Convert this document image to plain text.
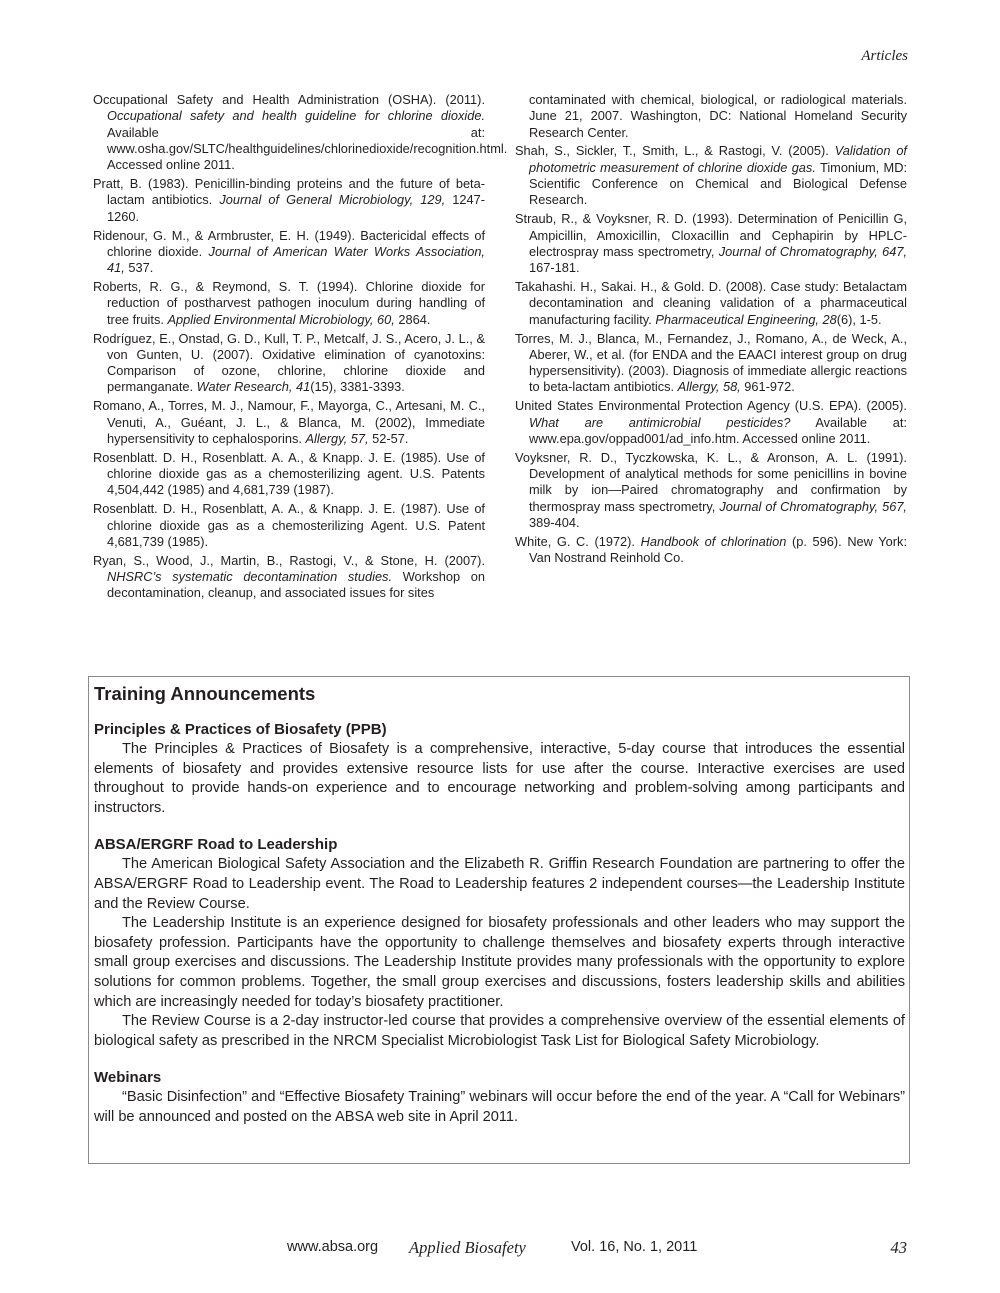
Articles

Occupational Safety and Health Administration (OSHA). (2011). Occupational safety and health guideline for chlorine dioxide. Available at: www.osha.gov/SLTC/healthguidelines/chlorinedioxide/recognition.html. Accessed online 2011.

Pratt, B. (1983). Penicillin-binding proteins and the future of beta-lactam antibiotics. Journal of General Microbiology, 129, 1247-1260.

Ridenour, G. M., & Armbruster, E. H. (1949). Bactericidal effects of chlorine dioxide. Journal of American Water Works Association, 41, 537.

Roberts, R. G., & Reymond, S. T. (1994). Chlorine dioxide for reduction of postharvest pathogen inoculum during handling of tree fruits. Applied Environmental Microbiology, 60, 2864.

Rodríguez, E., Onstad, G. D., Kull, T. P., Metcalf, J. S., Acero, J. L., & von Gunten, U. (2007). Oxidative elimination of cyanotoxins: Comparison of ozone, chlorine, chlorine dioxide and permanganate. Water Research, 41(15), 3381-3393.

Romano, A., Torres, M. J., Namour, F., Mayorga, C., Artesani, M. C., Venuti, A., Guéant, J. L., & Blanca, M. (2002), Immediate hypersensitivity to cephalosporins. Allergy, 57, 52-57.

Rosenblatt. D. H., Rosenblatt. A. A., & Knapp. J. E. (1985). Use of chlorine dioxide gas as a chemosterilizing agent. U.S. Patents 4,504,442 (1985) and 4,681,739 (1987).

Rosenblatt. D. H., Rosenblatt, A. A., & Knapp. J. E. (1987). Use of chlorine dioxide gas as a chemosterilizing Agent. U.S. Patent 4,681,739 (1985).

Ryan, S., Wood, J., Martin, B., Rastogi, V., & Stone, H. (2007). NHSRC’s systematic decontamination studies. Workshop on decontamination, cleanup, and associated issues for sites

contaminated with chemical, biological, or radiological materials. June 21, 2007. Washington, DC: National Homeland Security Research Center.

Shah, S., Sickler, T., Smith, L., & Rastogi, V. (2005). Validation of photometric measurement of chlorine dioxide gas. Timonium, MD: Scientific Conference on Chemical and Biological Defense Research.

Straub, R., & Voyksner, R. D. (1993). Determination of Penicillin G, Ampicillin, Amoxicillin, Cloxacillin and Cephapirin by HPLC-electrospray mass spectrometry, Journal of Chromatography, 647, 167-181.

Takahashi. H., Sakai. H., & Gold. D. (2008). Case study: Betalactam decontamination and cleaning validation of a pharmaceutical manufacturing facility. Pharmaceutical Engineering, 28(6), 1-5.

Torres, M. J., Blanca, M., Fernandez, J., Romano, A., de Weck, A., Aberer, W., et al. (for ENDA and the EAACI interest group on drug hypersensitivity). (2003). Diagnosis of immediate allergic reactions to beta-lactam antibiotics. Allergy, 58, 961-972.

United States Environmental Protection Agency (U.S. EPA). (2005). What are antimicrobial pesticides? Available at: www.epa.gov/oppad001/ad_info.htm. Accessed online 2011.

Voyksner, R. D., Tyczkowska, K. L., & Aronson, A. L. (1991). Development of analytical methods for some penicillins in bovine milk by ion—Paired chromatography and confirmation by thermospray mass spectrometry, Journal of Chromatography, 567, 389-404.

White, G. C. (1972). Handbook of chlorination (p. 596). New York: Van Nostrand Reinhold Co.

Training Announcements
Principles & Practices of Biosafety (PPB)

The Principles & Practices of Biosafety is a comprehensive, interactive, 5-day course that introduces the essential elements of biosafety and provides extensive resource lists for use after the course. Interactive exercises are used throughout to provide hands-on experience and to encourage networking and problem-solving among participants and instructors.

ABSA/ERGRF Road to Leadership

The American Biological Safety Association and the Elizabeth R. Griffin Research Foundation are partnering to offer the ABSA/ERGRF Road to Leadership event. The Road to Leadership features 2 independent courses—the Leadership Institute and the Review Course.

The Leadership Institute is an experience designed for biosafety professionals and other leaders who may support the biosafety profession. Participants have the opportunity to challenge themselves and biosafety experts through interactive small group exercises and discussions. The Leadership Institute provides many professionals with the opportunity to explore solutions for common problems. Together, the small group exercises and discussions, fosters leadership skills and abilities which are increasingly needed for today’s biosafety practitioner.

The Review Course is a 2-day instructor-led course that provides a comprehensive overview of the essential elements of biological safety as prescribed in the NRCM Specialist Microbiologist Task List for Biological Safety Microbiology.

Webinars

“Basic Disinfection” and “Effective Biosafety Training” webinars will occur before the end of the year. A “Call for Webinars” will be announced and posted on the ABSA web site in April 2011.

www.absa.org Applied Biosafety	Vol. 16, No. 1, 2011	43
